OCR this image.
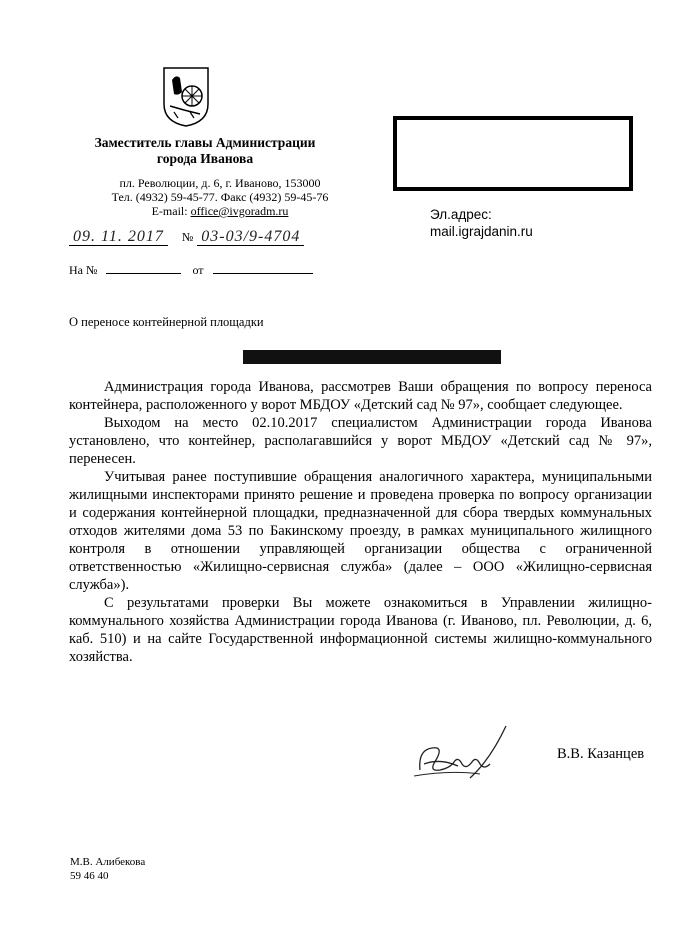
Заместитель главы Администрации
города Иванова
пл. Революции, д. 6, г. Иваново, 153000
Тел. (4932) 59-45-77. Факс (4932) 59-45-76
E-mail: office@ivgoradm.ru
09. 11. 2017 № 03-03/9-4704
На №	от
Эл.адрес:
mail.igrajdanin.ru
О переносе контейнерной площадки

Администрация города Иванова, рассмотрев Ваши обращения по вопросу переноса контейнера, расположенного у ворот МБДОУ «Детский сад № 97», сообщает следующее.

Выходом на место 02.10.2017 специалистом Администрации города Иванова установлено, что контейнер, располагавшийся у ворот МБДОУ «Детский сад № 97», перенесен.

Учитывая ранее поступившие обращения аналогичного характера, муниципальными жилищными инспекторами принято решение и проведена проверка по вопросу организации и содержания контейнерной площадки, предназначенной для сбора твердых коммунальных отходов жителями дома 53 по Бакинскому проезду, в рамках муниципального жилищного контроля в отношении управляющей организации общества с ограниченной ответственностью «Жилищно-сервисная служба» (далее – ООО «Жилищно-сервисная служба»).

С результатами проверки Вы можете ознакомиться в Управлении жилищно-коммунального хозяйства Администрации города Иванова (г. Иваново, пл. Революции, д. 6, каб. 510) и на сайте Государственной информационной системы жилищно-коммунального хозяйства.

В.В. Казанцев
М.В. Алибекова
59 46 40
